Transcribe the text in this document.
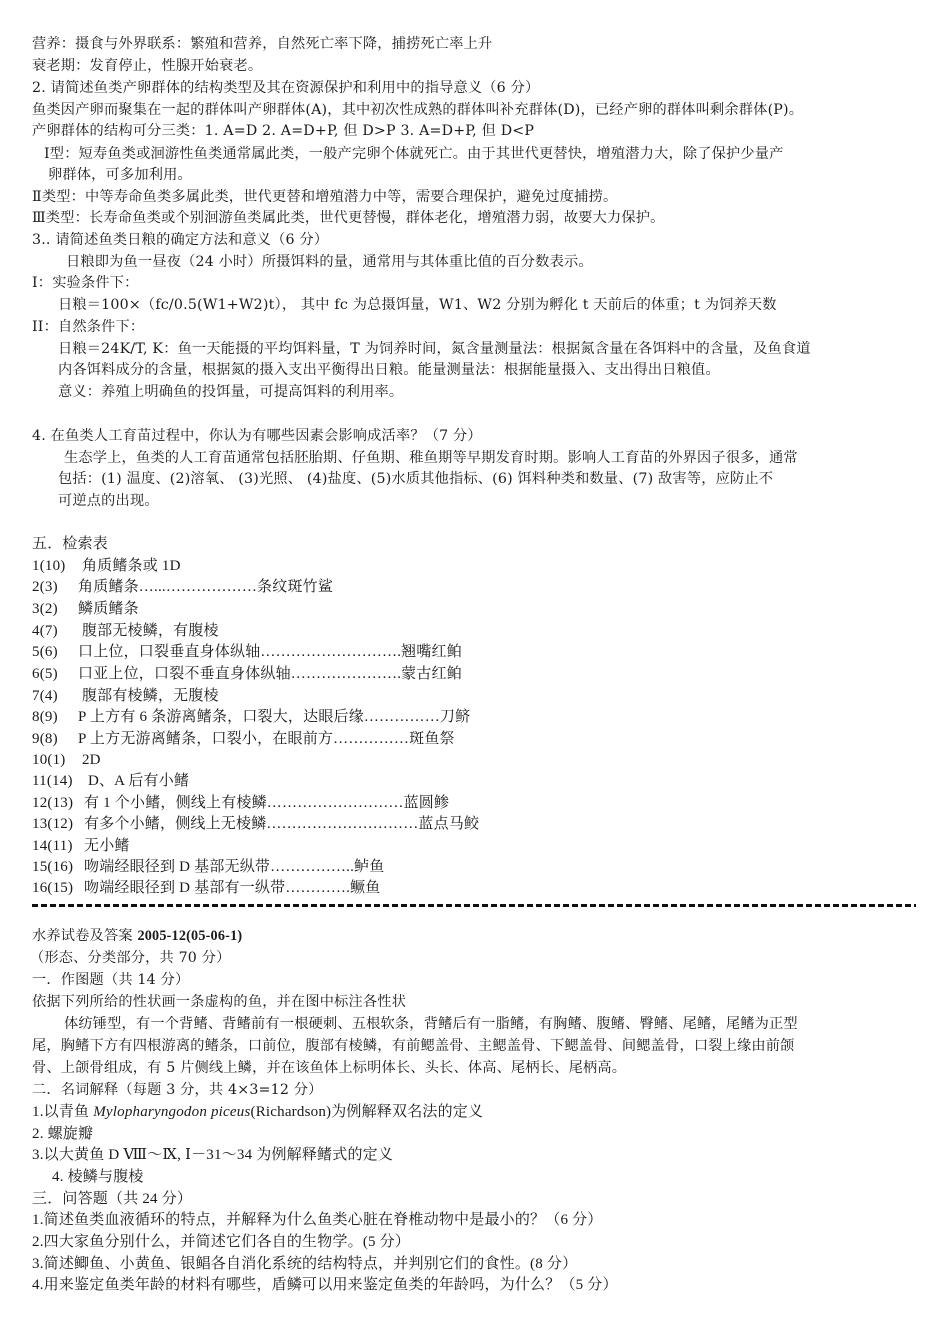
营养：摄食与外界联系：繁殖和营养，自然死亡率下降，捕捞死亡率上升
衰老期：发育停止，性腺开始衰老。
2. 请简述鱼类产卵群体的结构类型及其在资源保护和利用中的指导意义（6 分）
鱼类因产卵而聚集在一起的群体叫产卵群体(A)，其中初次性成熟的群体叫补充群体(D)，已经产卵的群体叫剩余群体(P)。
产卵群体的结构可分三类：1. A=D 2. A=D+P, 但 D>P 3. A=D+P, 但 D<P
Ⅰ型：短寿鱼类或洄游性鱼类通常属此类，一般产完卵个体就死亡。由于其世代更替快，增殖潜力大，除了保护少量产
卵群体，可多加利用。
Ⅱ类型：中等寿命鱼类多属此类，世代更替和增殖潜力中等，需要合理保护，避免过度捕捞。
Ⅲ类型：长寿命鱼类或个别洄游鱼类属此类，世代更替慢，群体老化，增殖潜力弱，故要大力保护。
3.. 请简述鱼类日粮的确定方法和意义（6 分）
日粮即为鱼一昼夜（24 小时）所摄饵料的量，通常用与其体重比值的百分数表示。
I：实验条件下：
日粮＝100×（fc/0.5(W1+W2)t）， 其中 fc 为总摄饵量，W1、W2 分别为孵化 t 天前后的体重；t 为饲养天数
II：自然条件下：
日粮＝24K/T, K：鱼一天能摄的平均饵料量，T 为饲养时间，氮含量测量法：根据氮含量在各饵料中的含量，及鱼食道
内各饵料成分的含量，根据氮的摄入支出平衡得出日粮。能量测量法：根据能量摄入、支出得出日粮值。
意义：养殖上明确鱼的投饵量，可提高饵料的利用率。
4. 在鱼类人工育苗过程中，你认为有哪些因素会影响成活率？（7 分）
生态学上，鱼类的人工育苗通常包括胚胎期、仔鱼期、稚鱼期等早期发育时期。影响人工育苗的外界因子很多，通常
包括：(1) 温度、(2)溶氧、 (3)光照、 (4)盐度、(5)水质其他指标、(6) 饵料种类和数量、(7) 敌害等，应防止不
可逆点的出现。
五．检索表
1(10) 角质鳍条或 1D
2(3) 角质鳍条…...………………条纹斑竹鲨
3(2) 鳞质鳍条
4(7) 腹部无棱鳞，有腹棱
5(6) 口上位，口裂垂直身体纵轴……………………….翘嘴红鲌
6(5) 口亚上位，口裂不垂直身体纵轴………………….蒙古红鲌
7(4) 腹部有棱鳞，无腹棱
8(9) P 上方有 6 条游离鳍条，口裂大，达眼后缘……………刀鲚
9(8) P 上方无游离鳍条，口裂小，在眼前方……………斑鱼祭
10(1) 2D
11(14) D、A 后有小鳍
12(13) 有 1 个小鳍，侧线上有棱鳞………………………蓝圆鲹
13(12) 有多个小鳍，侧线上无棱鳞…………………………蓝点马鲛
14(11) 无小鳍
15(16) 吻端经眼径到 D 基部无纵带……………..鲈鱼
16(15) 吻端经眼径到 D 基部有一纵带………….鳜鱼
水养试卷及答案 2005-12(05-06-1)
（形态、分类部分，共 70 分）
一．作图题（共 14 分）
依据下列所给的性状画一条虚构的鱼，并在图中标注各性状
体纺锤型，有一个背鳍、背鳍前有一根硬刺、五根软条，背鳍后有一脂鳍，有胸鳍、腹鳍、臀鳍、尾鳍，尾鳍为正型
尾，胸鳍下方有四根游离的鳍条，口前位，腹部有棱鳞，有前鳃盖骨、主鳃盖骨、下鳃盖骨、间鳃盖骨，口裂上缘由前颌
骨、上颌骨组成，有 5 片侧线上鳞，并在该鱼体上标明体长、头长、体高、尾柄长、尾柄高。
二．名词解释（每题 3 分，共 4×3=12 分）
1.以青鱼 Mylopharyngodon piceus(Richardson)为例解释双名法的定义
2. 螺旋瓣
3.以大黄鱼 D Ⅷ～Ⅸ, Ⅰ－31～34 为例解释鳍式的定义
4. 棱鳞与腹棱
三．问答题（共 24 分）
1.简述鱼类血液循环的特点，并解释为什么鱼类心脏在脊椎动物中是最小的？（6 分）
2.四大家鱼分别什么，并简述它们各自的生物学。(5 分）
3.简述鲫鱼、小黄鱼、银鲳各自消化系统的结构特点，并判别它们的食性。(8 分）
4.用来鉴定鱼类年龄的材料有哪些，盾鳞可以用来鉴定鱼类的年龄吗，为什么？（5 分）
